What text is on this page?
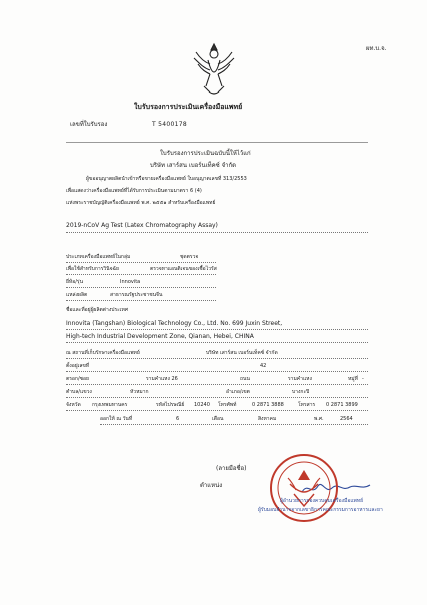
ผท.บ.จ.
ใบรับรองการประเมินเครื่องมือแพทย์
เลขที่ใบรับรอง	T 5400178
ใบรับรองการประเมินฉบับนี้ให้ไว้แก่
บริษัท เสาร์สน เบอร์นเท็คซ์ จำกัด
ผู้ขออนุญาตผลิตนำเข้าหรือขายเครื่องมือแพทย์ ใบอนุญาตเลขที่ 313/2553
เพื่อแสดงว่าเครื่องมือแพทย์ที่ได้รับการประเมินตามมาตรา 6 (4)
แห่งพระราชบัญญัติเครื่องมือแพทย์ พ.ศ. ๒๕๕๑ สำหรับเครื่องมือแพทย์
2019-nCoV Ag Test (Latex Chromatography Assay)
ประเภทเครื่องมือแพทย์ในกลุ่ม	ชุดตรวจ
เพื่อใช้สำหรับการวินิจฉัย	ตรวจหาแอนติเจนของเชื้อไวรัส
ยี่ห้อ/รุ่น	Innovita
แหล่งผลิต	สาธารณรัฐประชาชนจีน
ชื่อและที่อยู่ผู้ผลิตต่างประเทศ
Innovita (Tangshan) Biological Technology Co., Ltd. No. 699 Juxin Street,
High-tech Industrial Development Zone, Qianan, Hebei, CHINA
ณ สถานที่เก็บรักษาเครื่องมือแพทย์	บริษัท เสาร์สน เบอร์นเท็คซ์ จำกัด
ตั้งอยู่เลขที่	42
ตรอก/ซอย	รามคำแหง 26	ถนน	รามคำแหง	หมู่ที่ -
ตำบล/แขวง	หัวหมาก	อำเภอ/เขต	บางกะปิ
จังหวัด กรุงเทพมหานคร	รหัสไปรษณีย์ 10240 โทรศัพท์	0 2871 3888	โทรสาร 0 2871 3899
ออกให้ ณ วันที่	6	เดือน	สิงหาคม	พ.ศ.	2564
(ลายมือชื่อ)
ตำแหน่ง
ผู้อำนวยการกองควบคุมเครื่องมือแพทย์
ผู้รับมอบอำนาจจากเลขาธิการคณะกรรมการอาหารและยา
